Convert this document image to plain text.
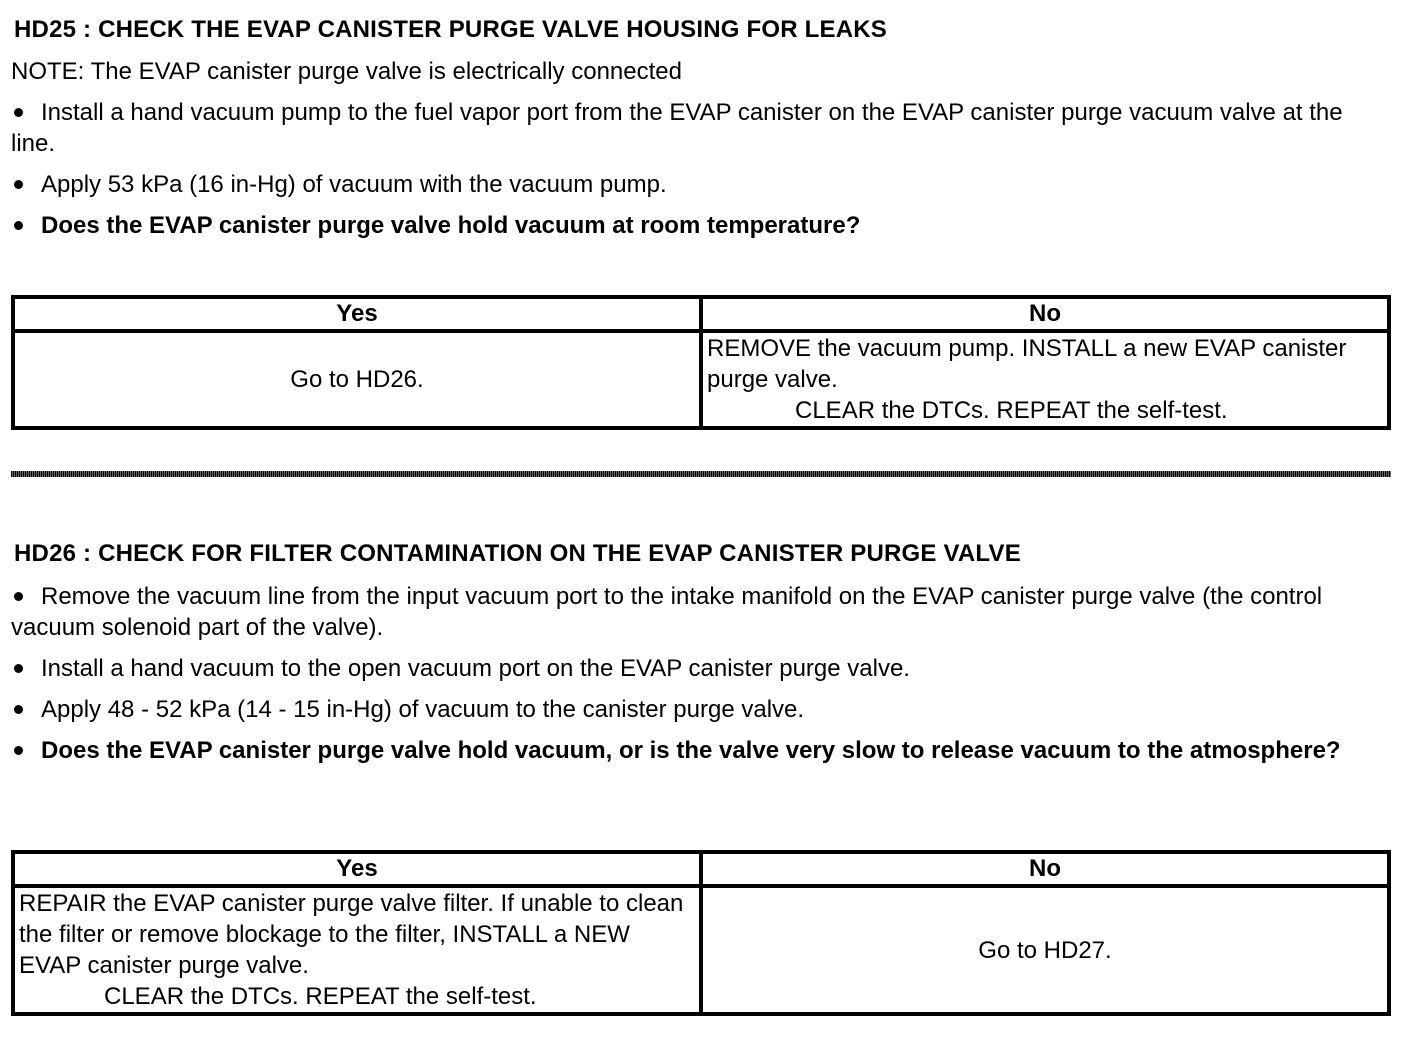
HD25 : CHECK THE EVAP CANISTER PURGE VALVE HOUSING FOR LEAKS

NOTE: The EVAP canister purge valve is electrically connected

Install a hand vacuum pump to the fuel vapor port from the EVAP canister on the EVAP canister purge vacuum valve at the line.

Apply 53 kPa (16 in-Hg) of vacuum with the vacuum pump.

Does the EVAP canister purge valve hold vacuum at room temperature?

Yes	No
Go to HD26.	REMOVE the vacuum pump. INSTALL a new EVAP canister purge valve.
CLEAR the DTCs. REPEAT the self-test.
HD26 : CHECK FOR FILTER CONTAMINATION ON THE EVAP CANISTER PURGE VALVE

Remove the vacuum line from the input vacuum port to the intake manifold on the EVAP canister purge valve (the control vacuum solenoid part of the valve).

Install a hand vacuum to the open vacuum port on the EVAP canister purge valve.

Apply 48 - 52 kPa (14 - 15 in-Hg) of vacuum to the canister purge valve.

Does the EVAP canister purge valve hold vacuum, or is the valve very slow to release vacuum to the atmosphere?

Yes	No
REPAIR the EVAP canister purge valve filter. If unable to clean the filter or remove blockage to the filter, INSTALL a NEW EVAP canister purge valve.
CLEAR the DTCs. REPEAT the self-test.	Go to HD27.
